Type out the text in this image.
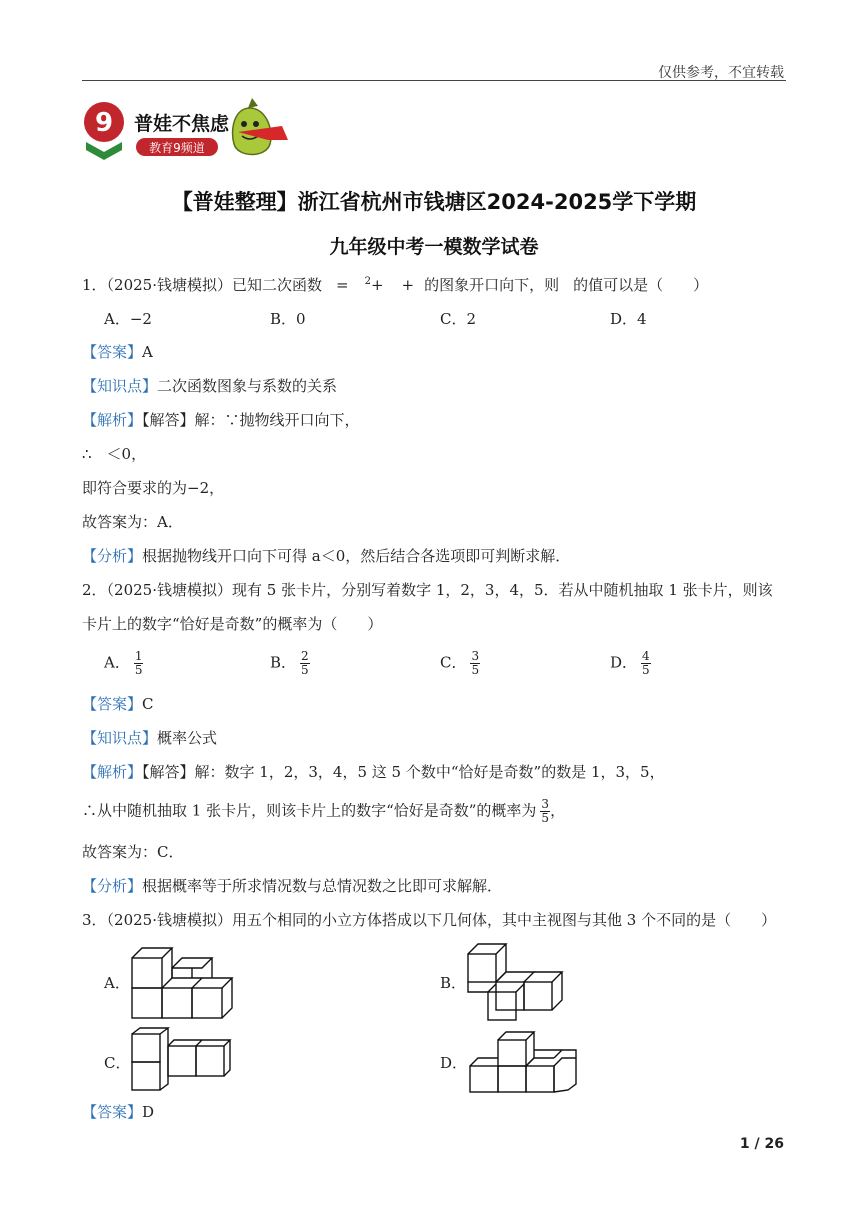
仅供参考，不宜转载
9 普娃不焦虑
教育9频道
【普娃整理】浙江省杭州市钱塘区2024-2025学下学期
九年级中考一模数学试卷
1．（2025·钱塘模拟）已知二次函数 = $^2$+ + 的图象开口向下，则 的值可以是（　　）
A．−2	B．0	C．2	D．4
【答案】A
【知识点】二次函数图象与系数的关系
【解析】【解答】解：∵抛物线开口向下，
∴　＜0，
即符合要求的为−2，
故答案为：A．
【分析】根据抛物线开口向下可得 a＜0，然后结合各选项即可判断求解．
2．（2025·钱塘模拟）现有 5 张卡片，分别写着数字 1，2，3，4，5．若从中随机抽取 1 张卡片，则该
卡片上的数字“恰好是奇数”的概率为（　　）
A． $\frac{1}{5}$	B． $\frac{2}{5}$	C． $\frac{3}{5}$	D． $\frac{4}{5}$
【答案】C
【知识点】概率公式
【解析】【解答】解：数字 1，2，3，4，5 这 5 个数中“恰好是奇数”的数是 1，3，5，
∴从中随机抽取 1 张卡片，则该卡片上的数字“恰好是奇数”的概率为 $\frac{3}{5}$ ，
故答案为：C．
【分析】根据概率等于所求情况数与总情况数之比即可求解解．
3．（2025·钱塘模拟）用五个相同的小立方体搭成以下几何体，其中主视图与其他 3 个不同的是（　　）
A．	B．
C．	D．
【答案】D
1 / 26
